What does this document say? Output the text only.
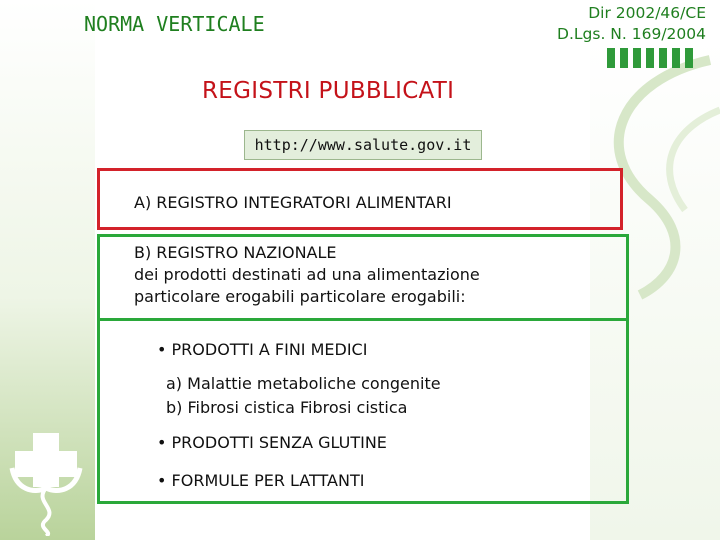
NORMA VERTICALE	Dir 2002/46/CE
D.Lgs. N. 169/2004
REGISTRI PUBBLICATI
http://www.salute.gov.it
A) REGISTRO INTEGRATORI ALIMENTARI
B) REGISTRO NAZIONALE
dei prodotti destinati ad una alimentazione
particolare erogabili particolare erogabili:
• PRODOTTI A FINI MEDICI
a) Malattie metaboliche congenite
b) Fibrosi cistica Fibrosi cistica
• PRODOTTI SENZA GLUTINE
• FORMULE PER LATTANTI
